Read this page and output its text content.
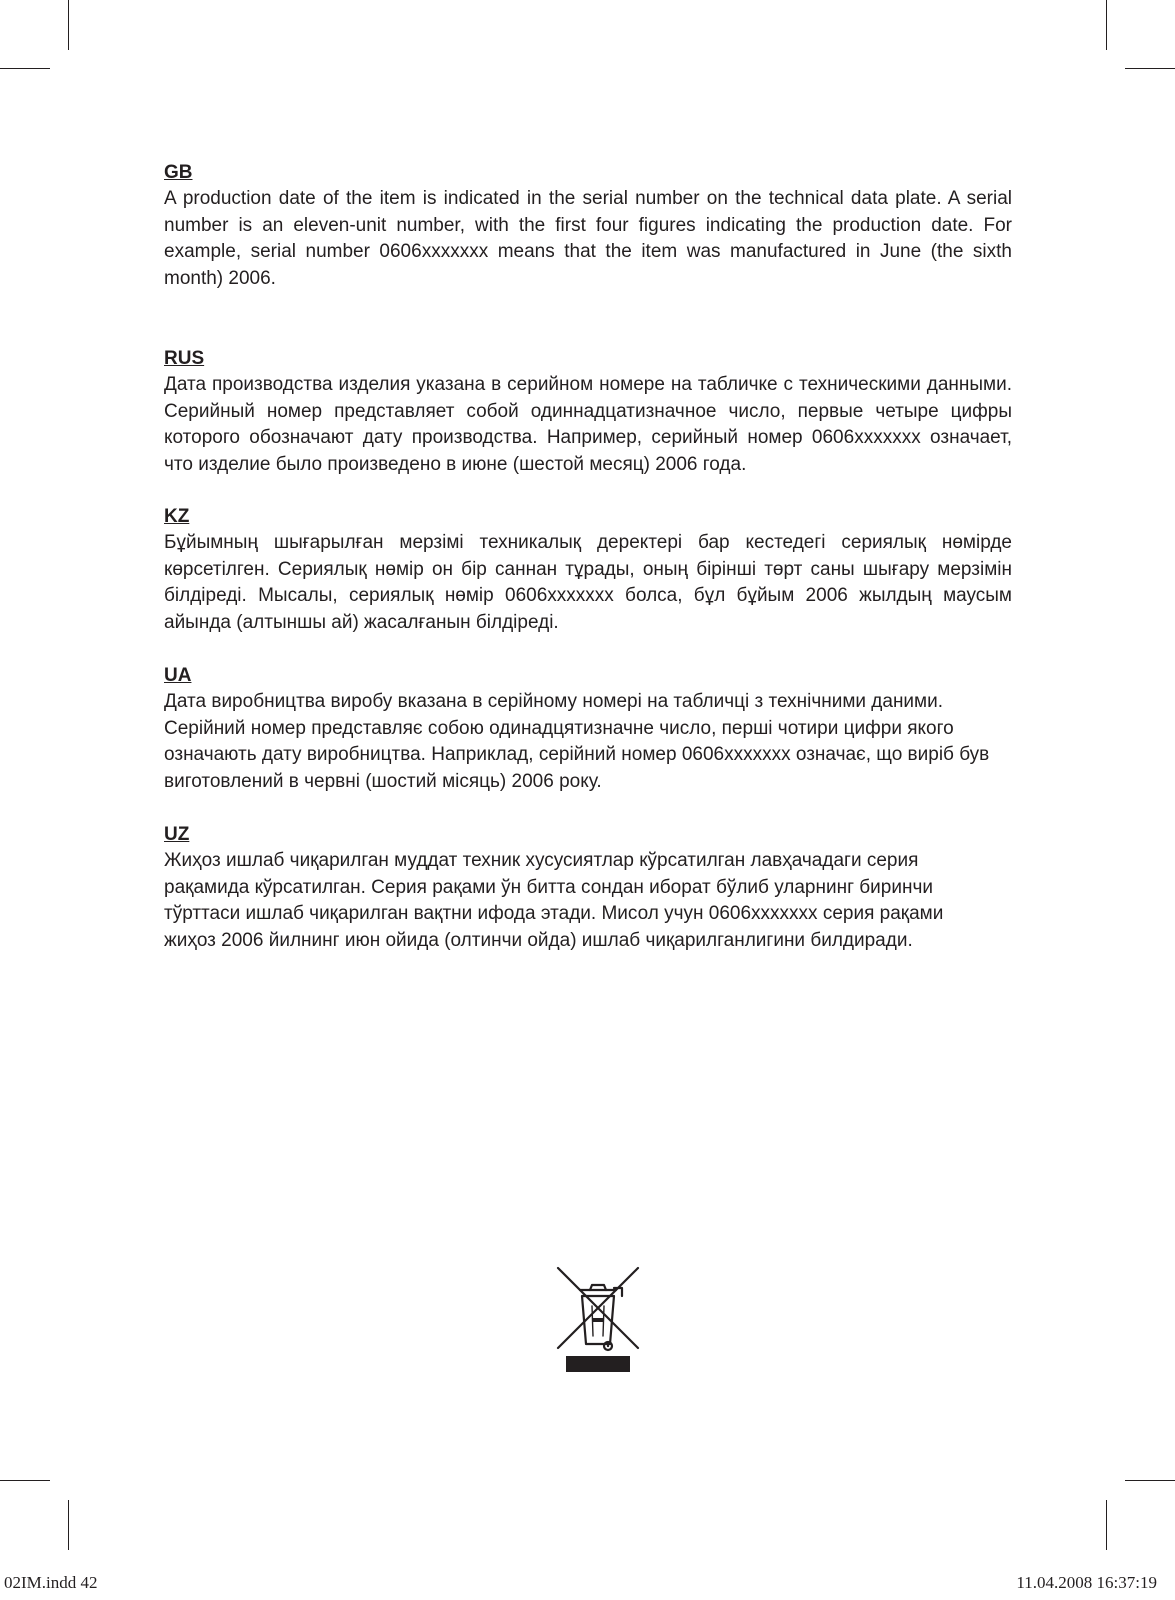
GB

A production date of the item is indicated in the serial number on the technical data plate. A serial number is an eleven-unit number, with the first four figures indicating the production date. For example, serial number 0606xxxxxxx means that the item was manufactured in June (the sixth month) 2006.

RUS

Дата производства изделия указана в серийном номере на табличке с техническими данными. Серийный номер представляет собой одиннадцатизначное число, первые четыре цифры которого обозначают дату производства. Например, серийный номер 0606xxxxxxx означает, что изделие было произведено в июне (шестой месяц) 2006 года.

KZ

Бұйымның шығарылған мерзімі техникалық деректері бар кестедегі сериялық нөмірде көрсетілген. Сериялық нөмір он бір саннан тұрады, оның бірінші төрт саны шығару мерзімін білдіреді. Мысалы, сериялық нөмір 0606xxxxxxx болса, бұл бұйым 2006 жылдың маусым айында (алтыншы ай) жасалғанын білдіреді.

UA

Дата виробництва виробу вказана в серійному номері на табличці з технічними даними. Серійний номер представляє собою одинадцятизначне число, перші чотири цифри якого означають дату виробництва. Наприклад, серійний номер 0606xxxxxxx означає, що виріб був виготовлений в червні (шостий місяць) 2006 року.

UZ
Жиҳоз ишлаб чиқарилган муддат техник хусусиятлар кўрсатилган лавҳачадаги серия
рақамида кўрсатилган. Серия рақами ўн битта сондан иборат бўлиб уларнинг биринчи
тўрттаси ишлаб чиқарилган вақтни ифода этади. Мисол учун 0606xxxxxxx серия рақами
жиҳоз 2006 йилнинг июн ойида (олтинчи ойда) ишлаб чиқарилганлигини билдиради.
02IM.indd 42	11.04.2008 16:37:19
